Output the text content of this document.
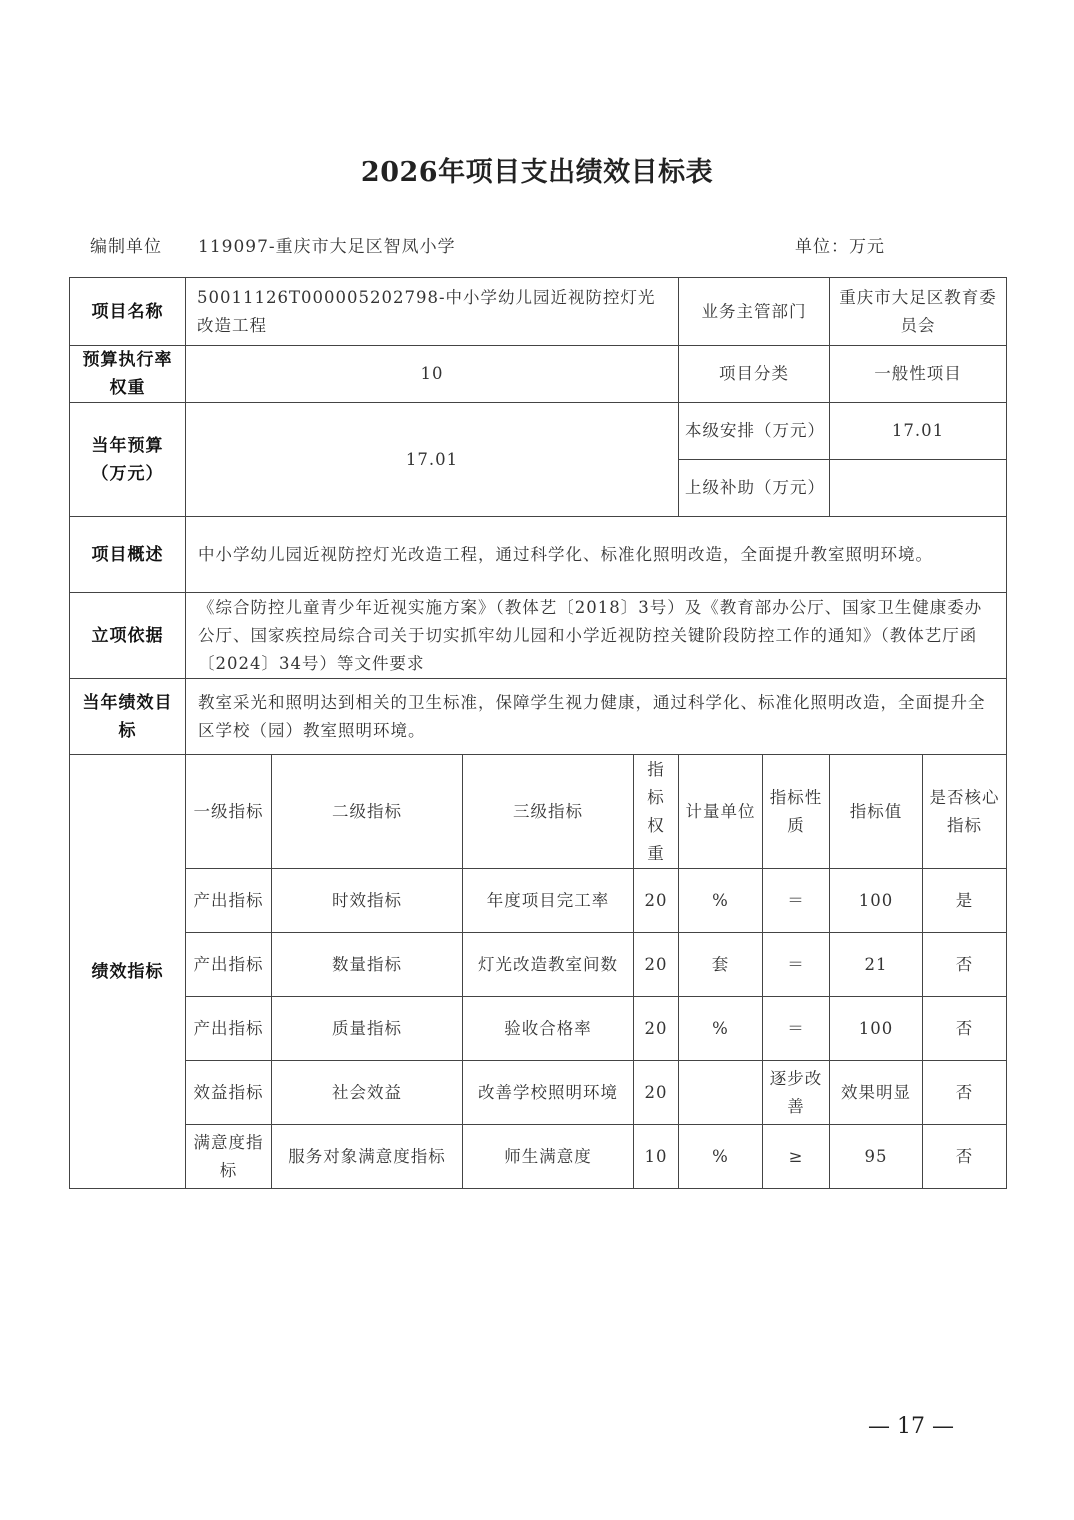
2026年项目支出绩效目标表
编制单位 119097-重庆市大足区智凤小学	单位：万元
项目名称	50011126T000005202798-中小学幼儿园近视防控灯光改造工程				业务主管部门		重庆市大足区教育委员会	
预算执行率权重	10				项目分类		一般性项目	
当年预算（万元）	17.01				本级安排（万元）		17.01	
					上级补助（万元）			
项目概述	中小学幼儿园近视防控灯光改造工程，通过科学化、标准化照明改造，全面提升教室照明环境。							
立项依据	《综合防控儿童青少年近视实施方案》（教体艺〔2018〕3号）及《教育部办公厅、国家卫生健康委办公厅、国家疾控局综合司关于切实抓牢幼儿园和小学近视防控关键阶段防控工作的通知》（教体艺厅函〔2024〕34号）等文件要求							
当年绩效目标	教室采光和照明达到相关的卫生标准，保障学生视力健康，通过科学化、标准化照明改造，全面提升全区学校（园）教室照明环境。							
绩效指标	一级指标	二级指标	三级指标	指标权重	计量单位	指标性质	指标值	是否核心指标
	产出指标	时效指标	年度项目完工率	20	%	＝	100	是
	产出指标	数量指标	灯光改造教室间数	20	套	＝	21	否
	产出指标	质量指标	验收合格率	20	%	＝	100	否
	效益指标	社会效益	改善学校照明环境	20		逐步改善	效果明显	否
	满意度指标	服务对象满意度指标	师生满意度	10	%	≥	95	否
— 17 —
